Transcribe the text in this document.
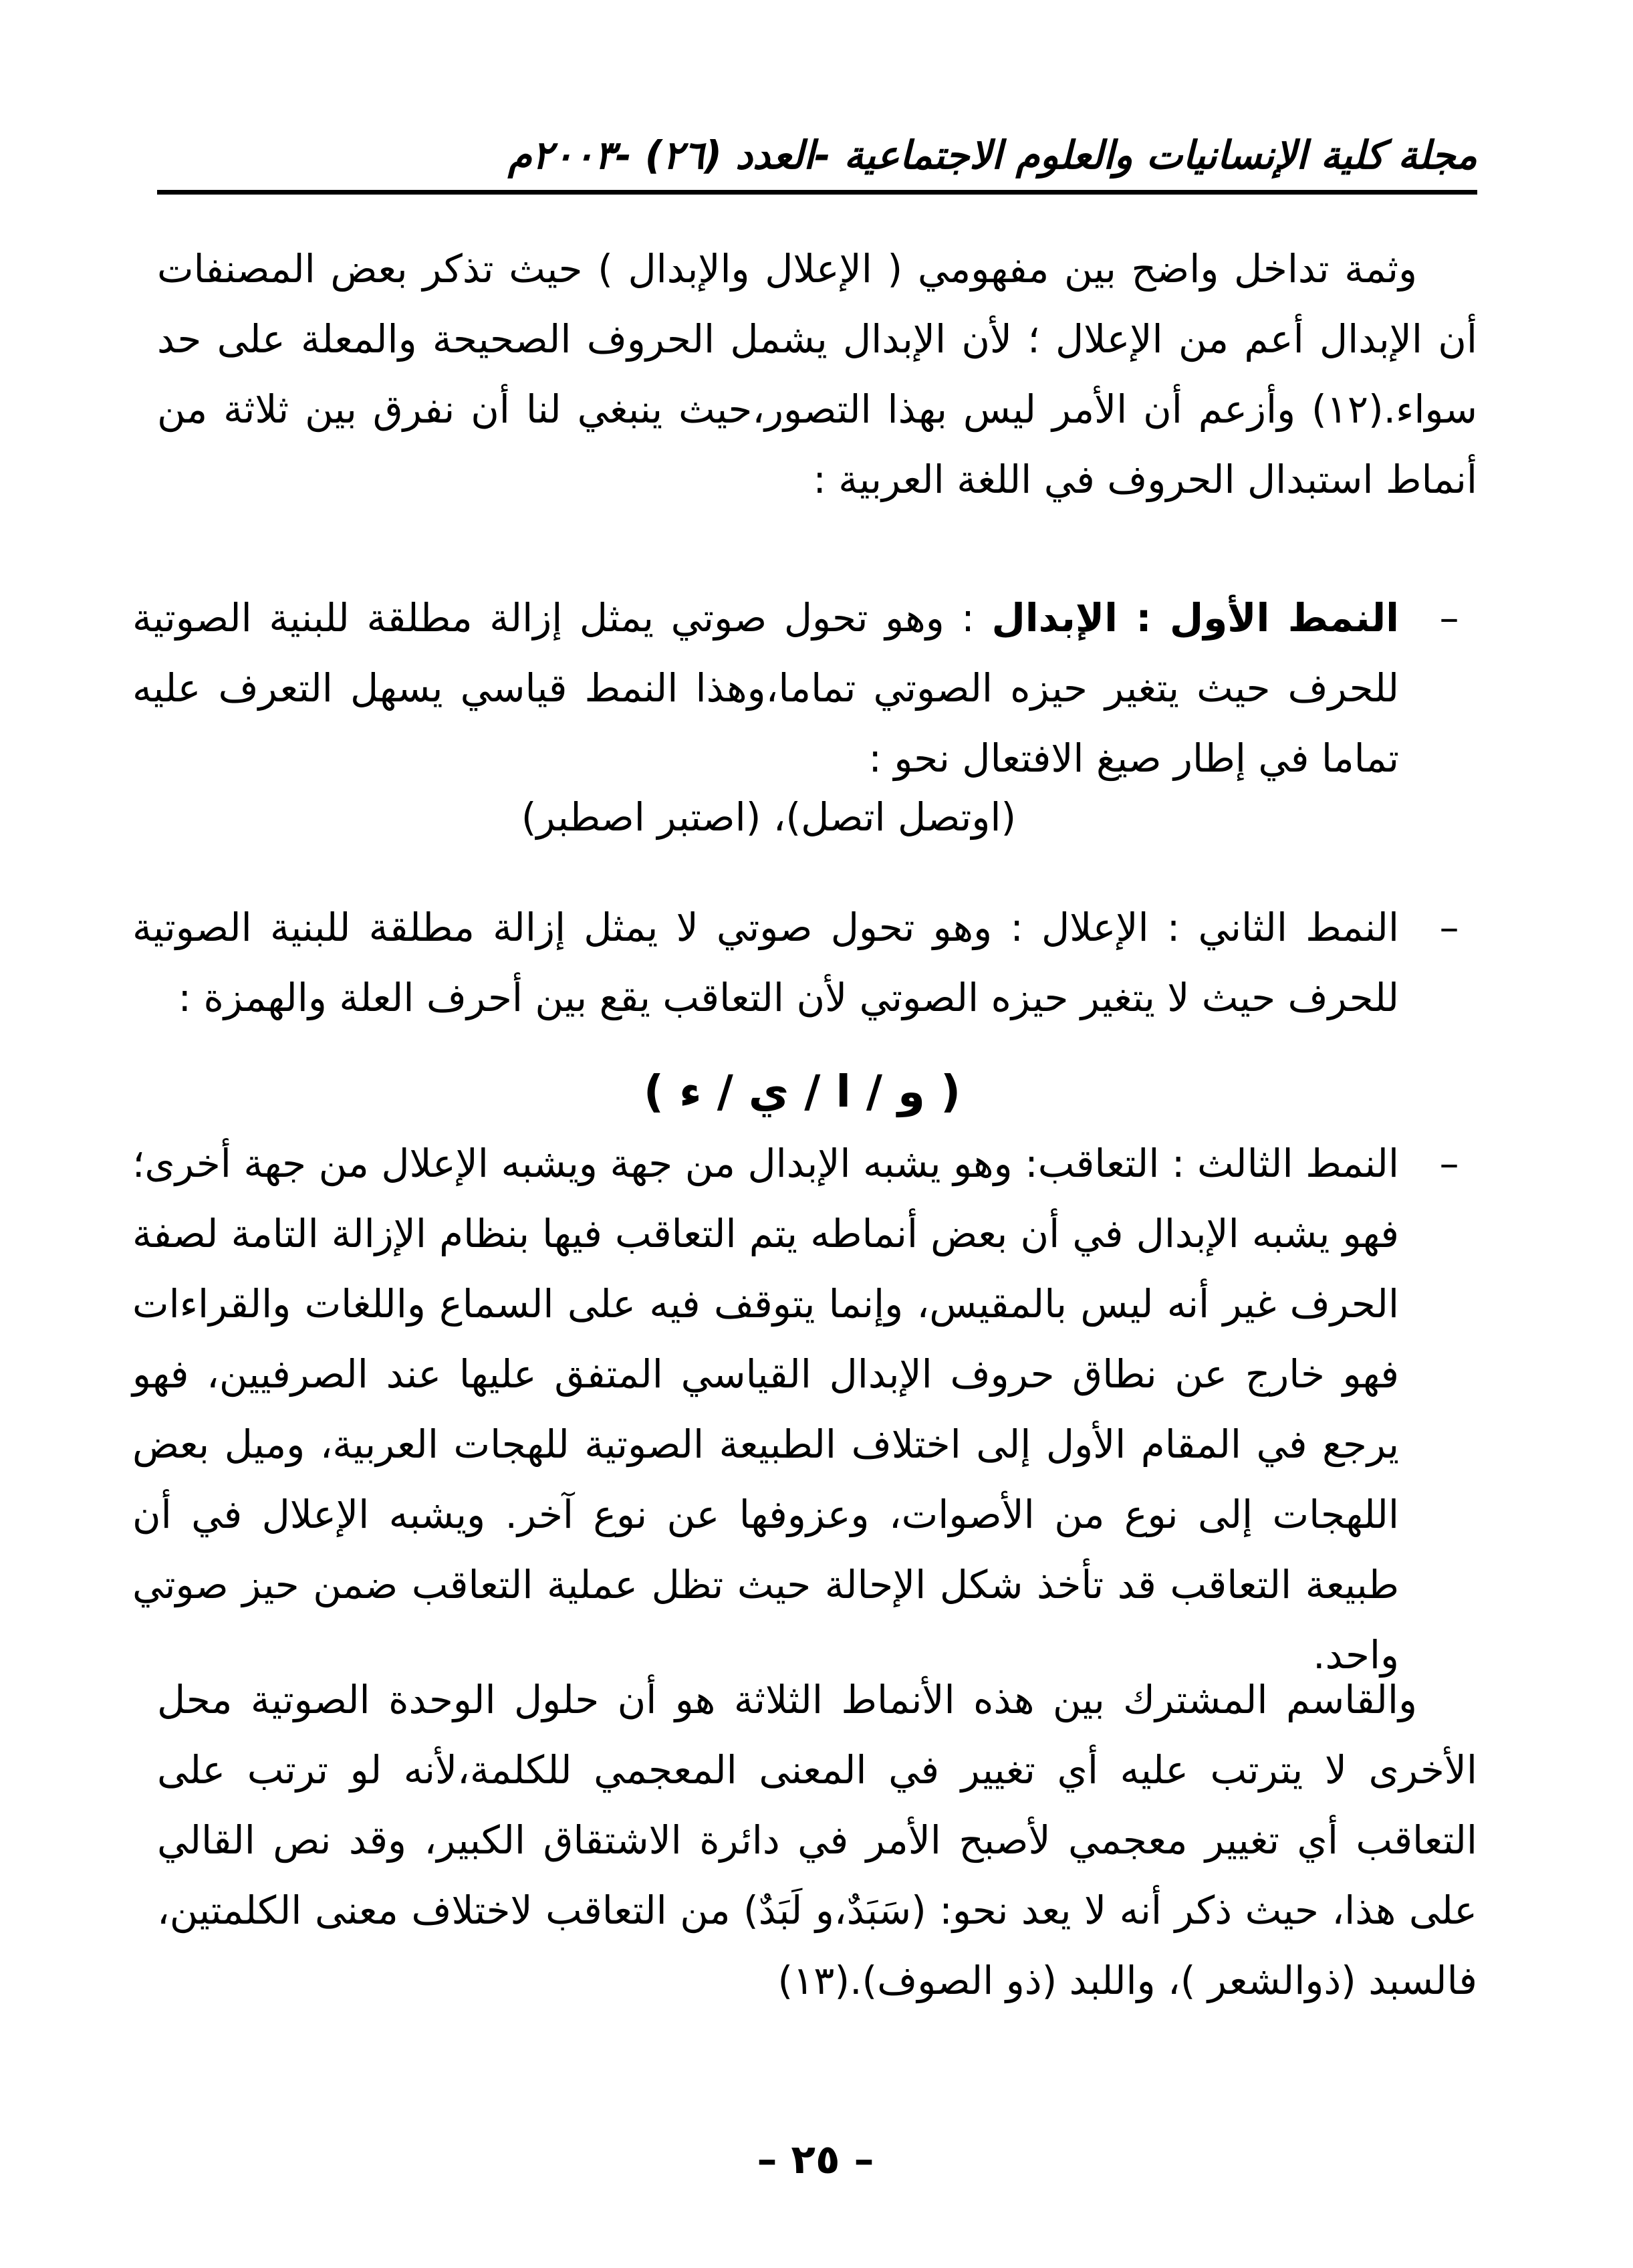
مجلة كلية الإنسانيات والعلوم الاجتماعية -العدد (٢٦) -٢٠٠٣م
وثمة تداخل واضح بين مفهومي ( الإعلال والإبدال ) حيث تذكر بعض المصنفات أن الإبدال أعم من الإعلال ؛ لأن الإبدال يشمل الحروف الصحيحة والمعلة على حد سواء.(١٢) وأزعم أن الأمر ليس بهذا التصور،حيث ينبغي لنا أن نفرق بين ثلاثة من أنماط استبدال الحروف في اللغة العربية :
–
النمط الأول : الإبدال : وهو تحول صوتي يمثل إزالة مطلقة للبنية الصوتية للحرف حيث يتغير حيزه الصوتي تماما،وهذا النمط قياسي يسهل التعرف عليه تماما في إطار صيغ الافتعال نحو :
(اوتصل اتصل)، (اصتبر اصطبر)
–
النمط الثاني : الإعلال : وهو تحول صوتي لا يمثل إزالة مطلقة للبنية الصوتية للحرف حيث لا يتغير حيزه الصوتي لأن التعاقب يقع بين أحرف العلة والهمزة :
( و / ا / ي / ء )
–
النمط الثالث : التعاقب: وهو يشبه الإبدال من جهة ويشبه الإعلال من جهة أخرى؛ فهو يشبه الإبدال في أن بعض أنماطه يتم التعاقب فيها بنظام الإزالة التامة لصفة الحرف غير أنه ليس بالمقيس، وإنما يتوقف فيه على السماع واللغات والقراءات فهو خارج عن نطاق حروف الإبدال القياسي المتفق عليها عند الصرفيين، فهو يرجع في المقام الأول إلى اختلاف الطبيعة الصوتية للهجات العربية، وميل بعض اللهجات إلى نوع من الأصوات، وعزوفها عن نوع آخر. ويشبه الإعلال في أن طبيعة التعاقب قد تأخذ شكل الإحالة حيث تظل عملية التعاقب ضمن حيز صوتي واحد.
والقاسم المشترك بين هذه الأنماط الثلاثة هو أن حلول الوحدة الصوتية محل الأخرى لا يترتب عليه أي تغيير في المعنى المعجمي للكلمة،لأنه لو ترتب على التعاقب أي تغيير معجمي لأصبح الأمر في دائرة الاشتقاق الكبير، وقد نص القالي على هذا، حيث ذكر أنه لا يعد نحو: (سَبَدٌ،و لَبَدٌ) من التعاقب لاختلاف معنى الكلمتين، فالسبد (ذوالشعر )، واللبد (ذو الصوف).(١٣)
– ٢٥ –
